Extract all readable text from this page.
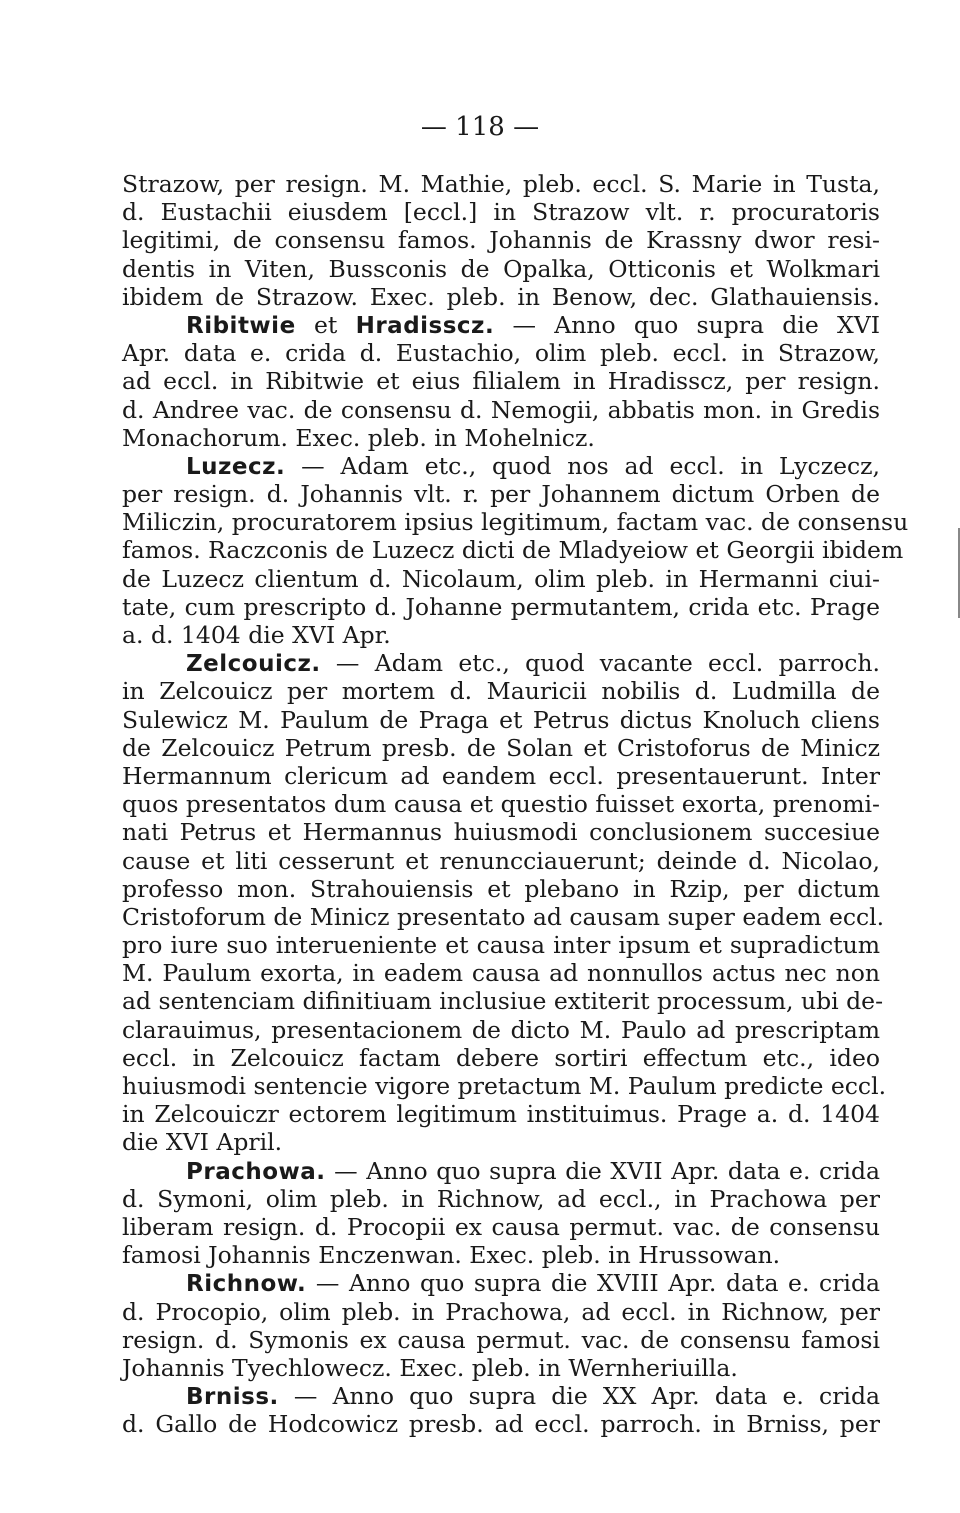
— 118 —
Strazow, per resign. M. Mathie, pleb. eccl. S. Marie in Tusta,
d. Eustachii eiusdem [eccl.] in Strazow vlt. r. procuratoris
legitimi, de consensu famos. Johannis de Krassny dwor resi-
dentis in Viten, Bussconis de Opalka, Otticonis et Wolkmari
ibidem de Strazow. Exec. pleb. in Benow, dec. Glathauiensis.
Ribitwie et Hradisscz. — Anno quo supra die XVI
Apr. data e. crida d. Eustachio, olim pleb. eccl. in Strazow,
ad eccl. in Ribitwie et eius filialem in Hradisscz, per resign.
d. Andree vac. de consensu d. Nemogii, abbatis mon. in Gredis
Monachorum. Exec. pleb. in Mohelnicz.
Luzecz. — Adam etc., quod nos ad eccl. in Lyczecz,
per resign. d. Johannis vlt. r. per Johannem dictum Orben de
Miliczin, procuratorem ipsius legitimum, factam vac. de consensu
famos. Raczconis de Luzecz dicti de Mladyeiow et Georgii ibidem
de Luzecz clientum d. Nicolaum, olim pleb. in Hermanni ciui-
tate, cum prescripto d. Johanne permutantem, crida etc. Prage
a. d. 1404 die XVI Apr.
Zelcouicz. — Adam etc., quod vacante eccl. parroch.
in Zelcouicz per mortem d. Mauricii nobilis d. Ludmilla de
Sulewicz M. Paulum de Praga et Petrus dictus Knoluch cliens
de Zelcouicz Petrum presb. de Solan et Cristoforus de Minicz
Hermannum clericum ad eandem eccl. presentauerunt. Inter
quos presentatos dum causa et questio fuisset exorta, prenomi-
nati Petrus et Hermannus huiusmodi conclusionem succesiue
cause et liti cesserunt et renuncciauerunt; deinde d. Nicolao,
professo mon. Strahouiensis et plebano in Rzip, per dictum
Cristoforum de Minicz presentato ad causam super eadem eccl.
pro iure suo interueniente et causa inter ipsum et supradictum
M. Paulum exorta, in eadem causa ad nonnullos actus nec non
ad sentenciam difinitiuam inclusiue extiterit processum, ubi de-
clarauimus, presentacionem de dicto M. Paulo ad prescriptam
eccl. in Zelcouicz factam debere sortiri effectum etc., ideo
huiusmodi sentencie vigore pretactum M. Paulum predicte eccl.
in Zelcouiczr ectorem legitimum instituimus. Prage a. d. 1404
die XVI April.
Prachowa. — Anno quo supra die XVII Apr. data e. crida
d. Symoni, olim pleb. in Richnow, ad eccl., in Prachowa per
liberam resign. d. Procopii ex causa permut. vac. de consensu
famosi Johannis Enczenwan. Exec. pleb. in Hrussowan.
Richnow. — Anno quo supra die XVIII Apr. data e. crida
d. Procopio, olim pleb. in Prachowa, ad eccl. in Richnow, per
resign. d. Symonis ex causa permut. vac. de consensu famosi
Johannis Tyechlowecz. Exec. pleb. in Wernheriuilla.
Brniss. — Anno quo supra die XX Apr. data e. crida
d. Gallo de Hodcowicz presb. ad eccl. parroch. in Brniss, per
